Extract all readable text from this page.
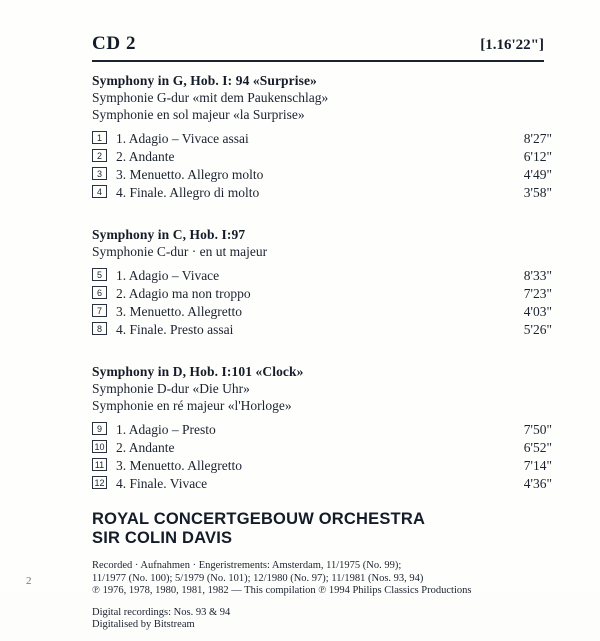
CD 2	[1.16'22"]
Symphony in G, Hob. I: 94 «Surprise»
Symphonie G-dur «mit dem Paukenschlag»
Symphonie en sol majeur «la Surprise»
1	1. Adagio – Vivace assai	8'27"
2	2. Andante	6'12"
3	3. Menuetto. Allegro molto	4'49"
4	4. Finale. Allegro di molto	3'58"
Symphony in C, Hob. I:97
Symphonie C-dur · en ut majeur
5	1. Adagio – Vivace	8'33"
6	2. Adagio ma non troppo	7'23"
7	3. Menuetto. Allegretto	4'03"
8	4. Finale. Presto assai	5'26"
Symphony in D, Hob. I:101 «Clock»
Symphonie D-dur «Die Uhr»
Symphonie en ré majeur «l'Horloge»
9	1. Adagio – Presto	7'50"
10 2. Andante	6'52"
11 3. Menuetto. Allegretto	7'14"
12 4. Finale. Vivace	4'36"
ROYAL CONCERTGEBOUW ORCHESTRA
SIR COLIN DAVIS

Recorded · Aufnahmen · Engeristrements: Amsterdam, 11/1975 (No. 99);

11/1977 (No. 100); 5/1979 (No. 101); 12/1980 (No. 97); 11/1981 (Nos. 93, 94)

℗ 1976, 1978, 1980, 1981, 1982 — This compilation ℗ 1994 Philips Classics Productions

Digital recordings: Nos. 93 & 94

Digitalised by Bitstream

2
